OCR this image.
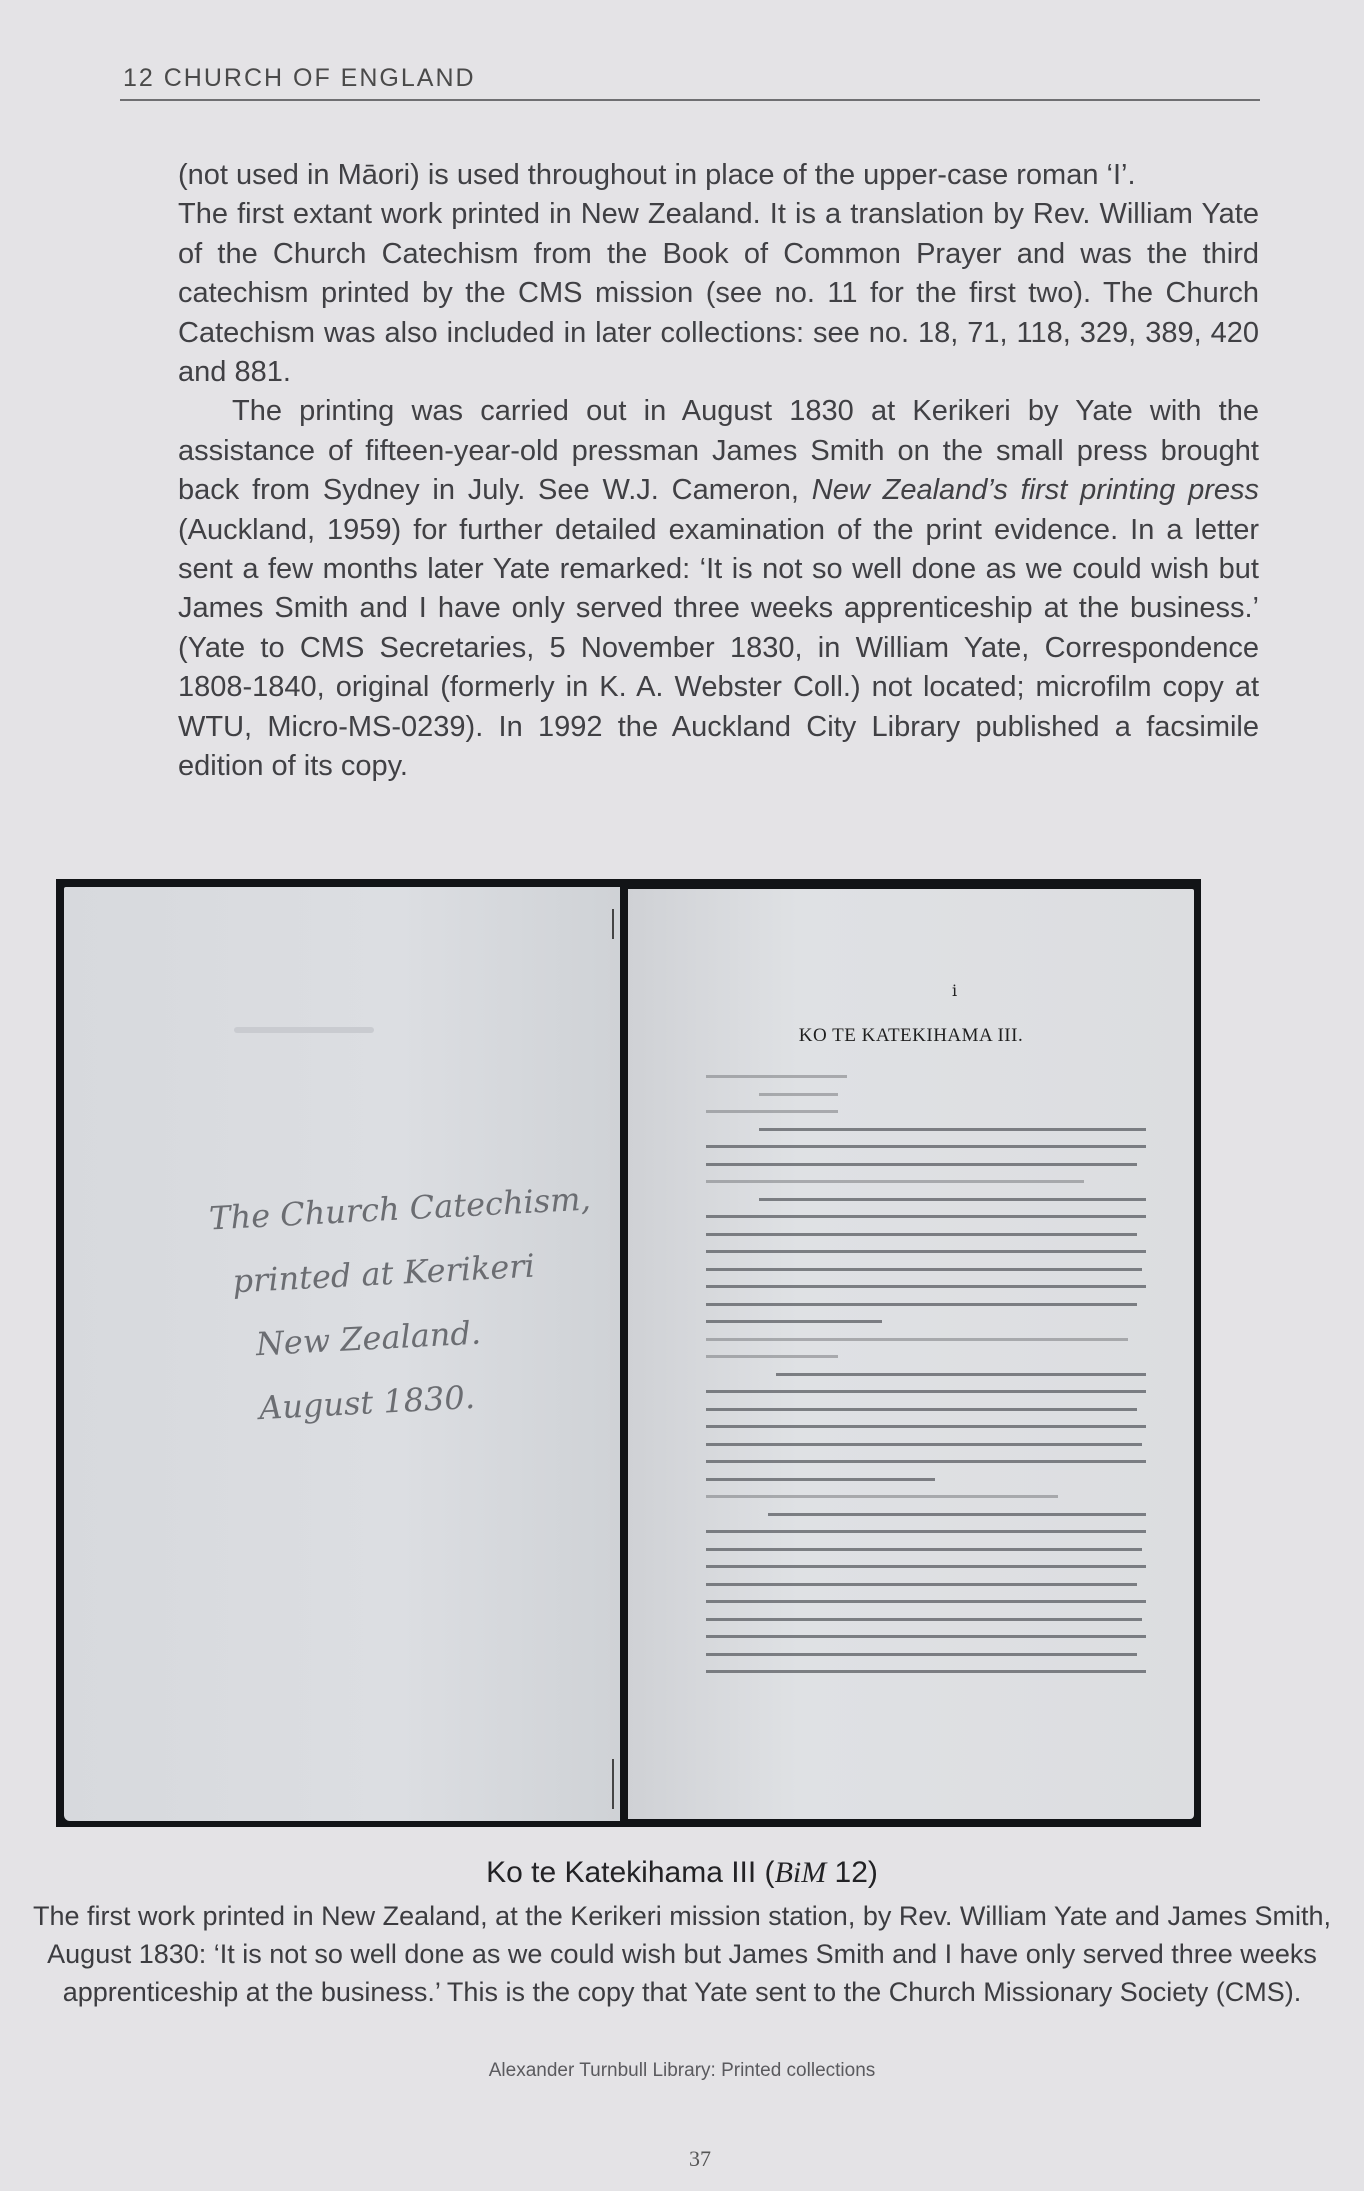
12 CHURCH OF ENGLAND

(not used in Māori) is used throughout in place of the upper-case roman ‘I’.

The first extant work printed in New Zealand. It is a translation by Rev. William Yate of the Church Catechism from the Book of Common Prayer and was the third catechism printed by the CMS mission (see no. 11 for the first two). The Church Catechism was also included in later collections: see no. 18, 71, 118, 329, 389, 420 and 881.

The printing was carried out in August 1830 at Kerikeri by Yate with the assistance of fifteen-year-old pressman James Smith on the small press brought back from Sydney in July. See W.J. Cameron, New Zealand’s first printing press (Auckland, 1959) for further detailed examination of the print evidence. In a letter sent a few months later Yate remarked: ‘It is not so well done as we could wish but James Smith and I have only served three weeks apprenticeship at the business.’ (Yate to CMS Secretaries, 5 November 1830, in William Yate, Correspondence 1808-1840, original (formerly in K. A. Webster Coll.) not located; microfilm copy at WTU, Micro-MS-0239). In 1992 the Auckland City Library published a facsimile edition of its copy.

The Church Catechism,
printed at Kerikeri
New Zealand.
August 1830.
i
KO TE KATEKIHAMA III.
Ko te Katekihama III (BiM 12)
The first work printed in New Zealand, at the Kerikeri mission station, by Rev. William Yate and James Smith, August 1830: ‘It is not so well done as we could wish but James Smith and I have only served three weeks apprenticeship at the business.’ This is the copy that Yate sent to the Church Missionary Society (CMS).
Alexander Turnbull Library: Printed collections
37
